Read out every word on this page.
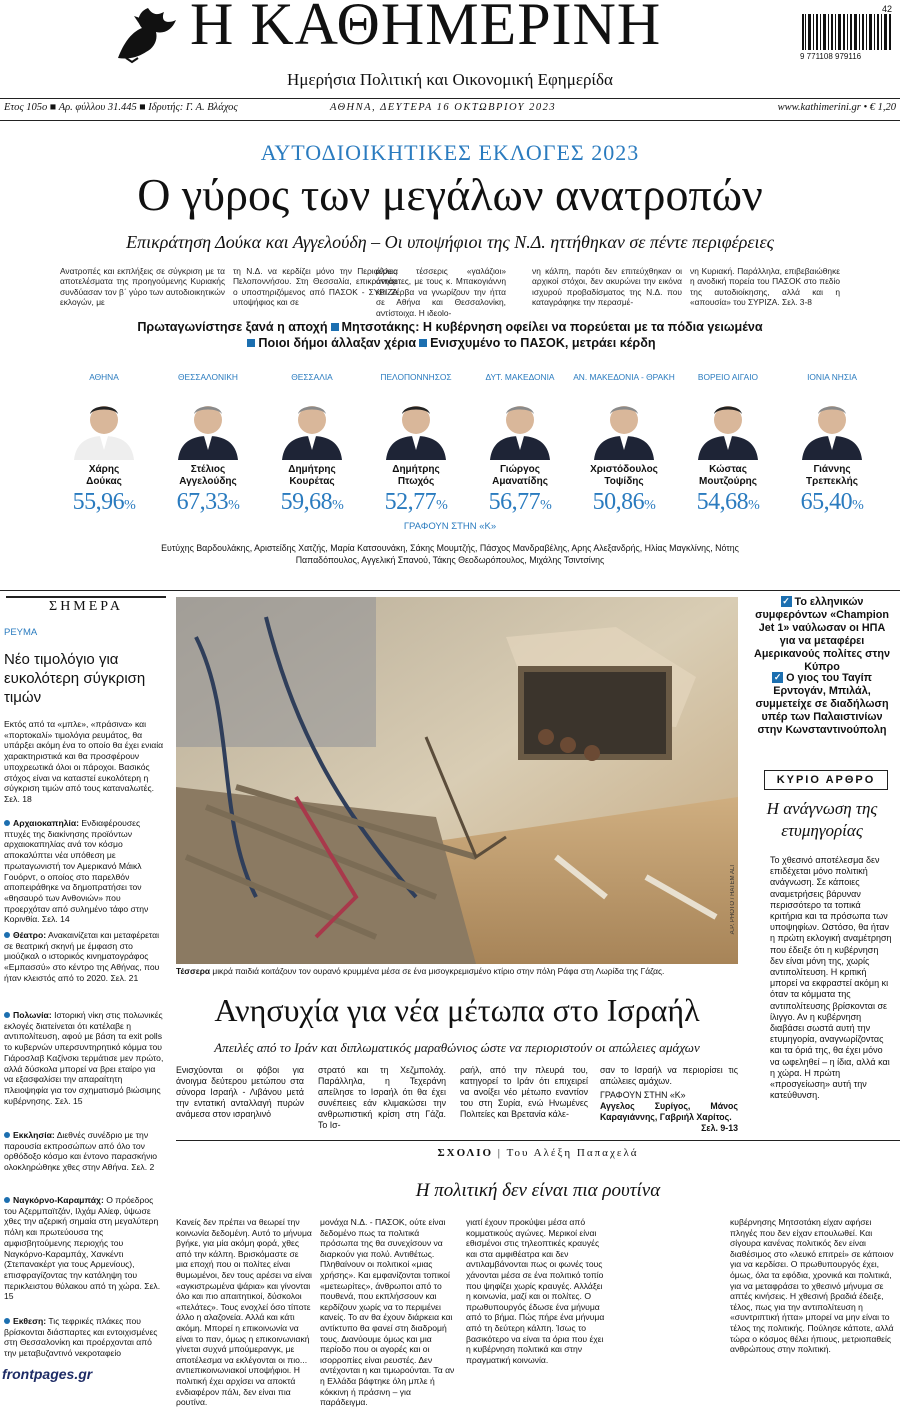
Η ΚΑΘΗΜΕΡΙΝΗ
Ημερήσια Πολιτική και Οικονομική Εφημερίδα
42
9 771108 979116
Ετος 105ο ■ Αρ. φύλλου 31.445 ■ Ιδρυτής: Γ. Α. Βλάχος	ΑΘΗΝΑ, ΔΕΥΤΕΡΑ 16 ΟΚΤΩΒΡΙΟΥ 2023	www.kathimerini.gr • € 1,20
ΑΥΤΟΔΙΟΙΚΗΤΙΚΕΣ ΕΚΛΟΓΕΣ 2023
Ο γύρος των μεγάλων ανατροπών
Επικράτηση Δούκα και Αγγελούδη – Οι υποψήφιοι της Ν.Δ. ηττήθηκαν σε πέντε περιφέρειες
Ανατροπές και εκπλήξεις σε σύγκριση με τα αποτελέσματα της προηγούμενης Κυριακής συνδύασαν τον β΄ γύρο των αυτοδιοικητικών εκλογών, με
τη Ν.Δ. να κερδίζει μόνο την Περιφέρεια Πελοποννήσου. Στη Θεσσαλία, επικράτησε ο υποστηριζόμενος από ΠΑΣΟΚ - ΣΥΡΙΖΑ υποψήφιος και σε
άλλες τέσσερις «γαλάζιοι» αντάρτες, με τους κ. Μπακογιάννη και Ζέρβα να γνωρίζουν την ήττα σε Αθήνα και Θεσσαλονίκη, αντίστοιχα. Η ιδεοlo-
νη κάλπη, παρότι δεν επιτεύχθηκαν οι αρχικοί στόχοι, δεν ακυρώνει την εικόνα ισχυρού προβαδίσματος της Ν.Δ. που καταγράφηκε την περασμέ-
νη Κυριακή. Παράλληλα, επιβεβαιώθηκε η ανοδική πορεία του ΠΑΣΟΚ στο πεδίο της αυτοδιοίκησης, αλλά και η «απουσία» του ΣΥΡΙΖΑ. Σελ. 3-8
Πρωταγωνίστησε ξανά η αποχή Μητσοτάκης: Η κυβέρνηση οφείλει να πορεύεται με τα πόδια γειωμένα
Ποιοι δήμοι άλλαξαν χέρια Ενισχυμένο το ΠΑΣΟΚ, μετράει κέρδη
ΑΘΗΝΑ
Χάρης
Δούκας
55,96%
ΘΕΣΣΑΛΟΝΙΚΗ
Στέλιος
Αγγελούδης
67,33%
ΘΕΣΣΑΛΙΑ
Δημήτρης
Κουρέτας
59,68%
ΠΕΛΟΠΟΝΝΗΣΟΣ
Δημήτρης
Πτωχός
52,77%
ΔΥΤ. ΜΑΚΕΔΟΝΙΑ
Γιώργος
Αμανατίδης
56,77%
ΑΝ. ΜΑΚΕΔΟΝΙΑ - ΘΡΑΚΗ
Χριστόδουλος
Τοψίδης
50,86%
ΒΟΡΕΙΟ ΑΙΓΑΙΟ
Κώστας
Μουτζούρης
54,68%
ΙΟΝΙΑ ΝΗΣΙΑ
Γιάννης
Τρεπεκλής
65,40%
ΓΡΑΦΟΥΝ ΣΤΗΝ «Κ»
Ευτύχης Βαρδουλάκης, Αριστείδης Χατζής, Μαρία Κατσουνάκη, Σάκης Μουμτζής, Πάσχος Μανδραβέλης, Αρης Αλεξανδρής, Ηλίας Μαγκλίνης, Νότης Παπαδόπουλος, Αγγελική Σπανού, Τάκης Θεοδωρόπουλος, Μιχάλης Τσιντσίνης
ΣΗΜΕΡΑ
ΡΕΥΜΑ
Νέο τιμολόγιο για ευκολότερη σύγκριση τιμών
Εκτός από τα «μπλε», «πράσινα» και «πορτοκαλί» τιμολόγια ρευμάτος, θα υπάρξει ακόμη ένα το οποίο θα έχει ενιαία χαρακτηριστικά και θα προσφέρουν υποχρεωτικά όλοι οι πάροχοι. Βασικός στόχος είναι να καταστεί ευκολότερη η σύγκριση τιμών από τους καταναλωτές. Σελ. 18
Αρχαιοκαπηλία: Ενδιαφέρουσες πτυχές της διακίνησης προϊόντων αρχαιοκαπηλίας ανά τον κόσμο αποκαλύπτει νέα υπόθεση με πρωταγωνιστή τον Αμερικανό Μάικλ Γουόρντ, ο οποίος στο παρελθόν αποπειράθηκε να δημοπρατήσει τον «θησαυρό των Ανθονιών» που προερχόταν από συλημένο τάφο στην Κορινθία. Σελ. 14
Θέατρο: Ανακαινίζεται και μεταφέρεται σε θεατρική σκηνή με έμφαση στο μιούζικαλ ο ιστορικός κινηματογράφος «Εμπασσύ» στο κέντρο της Αθήνας, που ήταν κλειστός από το 2020. Σελ. 21
Πολωνία: Ιστορική νίκη στις πολωνικές εκλογές διατείνεται ότι κατέλαβε η αντιπολίτευση, αφού με βάση τα exit polls το κυβερνών υπερσυντηρητικό κόμμα του Γιάροσλαβ Καζίνσκι τερμάτισε μεν πρώτο, αλλά δύσκολα μπορεί να βρει εταίρο για να εξασφαλίσει την απαραίτητη πλειοψηφία για τον σχηματισμό βιώσιμης κυβέρνησης. Σελ. 15
Εκκλησία: Διεθνές συνέδριο με την παρουσία εκπροσώπων από όλο τον ορθόδοξο κόσμο και έντονο παρασκήνιο ολοκληρώθηκε χθες στην Αθήνα. Σελ. 2
Ναγκόρνο-Καραμπάχ: Ο πρόεδρος του Αζερμπαϊτζάν, Ιλχάμ Αλίεφ, ύψωσε χθες την αζερική σημαία στη μεγαλύτερη πόλη και πρωτεύουσα της αμφισβητούμενης περιοχής του Ναγκόρνο-Καραμπάχ, Χανκέντι (Στεπανακέρτ για τους Αρμενίους), επισφραγίζοντας την κατάληψη του περικλειστου θύλακου από τη χώρα. Σελ. 15
Εκθεση: Τις τεφρικές πλάκες που βρίσκονται διάσπαρτες και εντοιχισμένες στη Θεσσαλονίκη και προέρχονται από την μεταβυζαντινό νεκροταφείο
A.P. PHOTO / HATEM ALI
Τέσσερα μικρά παιδιά κοιτάζουν τον ουρανό κρυμμένα μέσα σε ένα μισογκρεμισμένο κτίριο στην πόλη Ράφα στη Λωρίδα της Γάζας.
Ανησυχία για νέα μέτωπα στο Ισραήλ
Απειλές από το Ιράν και διπλωματικός μαραθώνιος ώστε να περιοριστούν οι απώλειες αμάχων
Ενισχύονται οι φόβοι για άνοιγμα δεύτερου μετώπου στα σύνορα Ισραήλ - Λιβάνου μετά την εντατική ανταλλαγή πυρών ανάμεσα στον ισραηλινό
στρατό και τη Χεζμπολάχ. Παράλληλα, η Τεχεράνη απείλησε το Ισραήλ ότι θα έχει συνέπειες εάν κλιμακώσει την ανθρωπιστική κρίση στη Γάζα. Το Ισ-
ραήλ, από την πλευρά του, κατηγορεί το Ιράν ότι επιχειρεί να ανοίξει νέο μέτωπο εναντίον του στη Συρία, ενώ Ηνωμένες Πολιτείες και Βρετανία κάλε-
σαν το Ισραήλ να περιορίσει τις απώλειες αμάχων.
ΓΡΑΦΟΥΝ ΣΤΗΝ «Κ»
Αγγελος Συρίγος, Μάνος Καραγιάννης, Γαβριήλ Χαρίτος.
Σελ. 9-13
✓ Το ελληνικών συμφερόντων «Champion Jet 1» ναύλωσαν οι ΗΠΑ για να μεταφέρει Αμερικανούς πολίτες στην Κύπρο
✓ Ο γιος του Ταγίπ Ερντογάν, Μπιλάλ, συμμετείχε σε διαδήλωση υπέρ των Παλαιστινίων στην Κωνσταντινούπολη
ΚΥΡΙΟ ΑΡΘΡΟ
Η ανάγνωση της ετυμηγορίας
Το χθεσινό αποτέλεσμα δεν επιδέχεται μόνο πολιτική ανάγνωση. Σε κάποιες αναμετρήσεις βάρυναν περισσότερο τα τοπικά κριτήρια και τα πρόσωπα των υποψηφίων. Ωστόσο, θα ήταν η πρώτη εκλογική αναμέτρηση που έδειξε ότι η κυβέρνηση δεν είναι μόνη της, χωρίς αντιπολίτευση. Η κριτική μπορεί να εκφραστεί ακόμη κι όταν τα κόμματα της αντιπολίτευσης βρίσκονται σε ίλιγγο. Αν η κυβέρνηση διαβάσει σωστά αυτή την ετυμηγορία, αναγνωρίζοντας και τα όριά της, θα έχει μόνο να ωφεληθεί – η ίδια, αλλά και η χώρα. Η πρώτη «προσγείωση» αυτή την κατεύθυνση.
ΣΧΟΛΙΟ | Του Αλέξη Παπαχελά
Η πολιτική δεν είναι πια ρουτίνα
Κανείς δεν πρέπει να θεωρεί την κοινωνία δεδομένη. Αυτό το μήνυμα βγήκε, για μία ακόμη φορά, χθες από την κάλπη. Βρισκόμαστε σε μια εποχή που οι πολίτες είναι θυμωμένοι, δεν τους αρέσει να είναι «αγκιστρωμένα ψάρια» και γίνονται όλο και πιο απαιτητικοί, δύσκολοι «πελάτες». Τους ενοχλεί όσο τίποτε άλλο η αλαζονεία. Αλλά και κάτι ακόμη. Μπορεί η επικοινωνία να είναι το παν, όμως η επικοινωνιακή γίνεται συχνά μπούμερανγκ, με αποτέλεσμα να εκλέγονται οι πιο... αντιεπικοινωνιακοί υποψήφιοι. Η πολιτική έχει αρχίσει να αποκτά ενδιαφέρον πάλι, δεν είναι πια ρουτίνα.
μονάχα Ν.Δ. - ΠΑΣΟΚ, ούτε είναι δεδομένο πως τα πολιτικά πρόσωπα της θα συνεχίσουν να διαρκούν για πολύ. Αντιθέτως. Πληθαίνουν οι πολιτικοί «μιας χρήσης». Και εμφανίζονται τοπικοί «μετεωρίτες», άνθρωποι από το πουθενά, που εκπλήσσουν και κερδίζουν χωρίς να το περιμένει κανείς. Το αν θα έχουν διάρκεια και αντίκτυπο θα φανεί στη διαδρομή τους. Διανύουμε όμως και μια περίοδο που οι αγορές και οι ισορροπίες είναι ρευστές. Δεν αντέχονται η και τιμωρούνται. Τα αν η Ελλάδα βάφτηκε όλη μπλε ή κόκκινη ή πράσινη – για παράδειγμα.
γιατί έχουν προκύψει μέσα από κομματικούς αγώνες. Μερικοί είναι εθισμένοι στις τηλεοπτικές κραυγές και στα αμφιθέατρα και δεν αντιλαμβάνονται πως οι φωνές τους χάνονται μέσα σε ένα πολιτικό τοπίο που ψηφίζει χωρίς κραυγές. Αλλάξει η κοινωνία, μαζί και οι πολίτες. Ο πρωθυπουργός έδωσε ένα μήνυμα από το βήμα. Πώς πήρε ένα μήνυμα από τη δεύτερη κάλπη. Ίσως το βασικότερο να είναι τα όρια που έχει η κυβέρνηση πολιτικά και στην πραγματική κοινωνία.
κυβέρνησης Μητσοτάκη είχαν αφήσει πληγές που δεν είχαν επουλωθεί. Και σίγουρα κανένας πολιτικός δεν είναι διαθέσιμος στο «λευκό επιτρεί» σε κάποιον για να κερδίσει. Ο πρωθυπουργός έχει, όμως, όλα τα εφόδια, χρονικά και πολιτικά, για να μεταφράσει το χθεσινό μήνυμα σε απτές κινήσεις. Η χθεσινή βραδιά έδειξε, τέλος, πως για την αντιπολίτευση η «συντριπτική ήττα» μπορεί να μην είναι το τέλος της πολιτικής. Πούλησε κάποτε, αλλά τώρα ο κόσμος θέλει ήπιους, μετριοπαθείς ανθρώπους στην πολιτική.
frontpages.gr
